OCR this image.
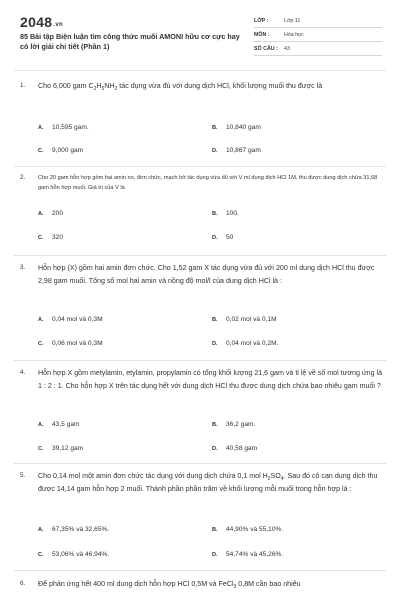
2048.vn
85 Bài tập Biện luận tìm công thức muối AMONI hữu cơ cực hay có lời giải chi tiết (Phần 1)
LỚP :	Lớp 11
MÔN :	Hóa học
SỐ CÂU : 43
1. Cho 6,000 gam $C_2H_5NH_2$ tác dụng vừa đủ với dung dịch HCl, khối lượng muối thu được là
A. 10,595 gam.	B. 10,840 gam
C. 9,000 gam	D. 10,867 gam
2. Cho 20 gam hỗn hợp gồm hai amin no, đơn chức, mạch hở tác dụng vừa đủ với V ml dung dịch HCl 1M, thu được dung dịch chứa 31,68 gam hỗn hợp muối. Giá trị của V là
A. 200	B. 100.
C. 320	D. 50
3. Hỗn hợp (X) gồm hai amin đơn chức. Cho 1,52 gam X tác dụng vừa đủ với 200 ml dung dịch HCl thu được 2,98 gam muối. Tổng số mol hai amin và nồng độ mol/l của dung dịch HCl là :
A. 0,04 mol và 0,3M	B. 0,02 mol và 0,1M
C. 0,06 mol và 0,3M	D. 0,04 mol và 0,2M.
4. Hỗn hợp X gồm metylamin, etylamin, propylamin có tổng khối lượng 21,6 gam và tỉ lệ về số mol tương ứng là 1 : 2 : 1. Cho hỗn hợp X trên tác dụng hết với dung dịch HCl thu được dung dịch chứa bao nhiêu gam muối ?
A. 43,5 gam	B. 36,2 gam.
C. 39,12 gam	D. 40,58 gam
5. Cho 0,14 mol một amin đơn chức tác dụng với dung dịch chứa 0,1 mol $H_2SO_4$. Sau đó cô cạn dung dịch thu được 14,14 gam hỗn hợp 2 muối. Thành phần phần trăm về khối lượng mỗi muối trong hỗn hợp là :
A. 67,35% và 32,65%.	B. 44,90% và 55,10%.
C. 53,06% và 46,94%.	D. 54,74% và 45,26%.
6. Để phản ứng hết 400 ml dung dịch hỗn hợp HCl 0,5M và FeCl$_3$ 0,8M cần bao nhiêu
